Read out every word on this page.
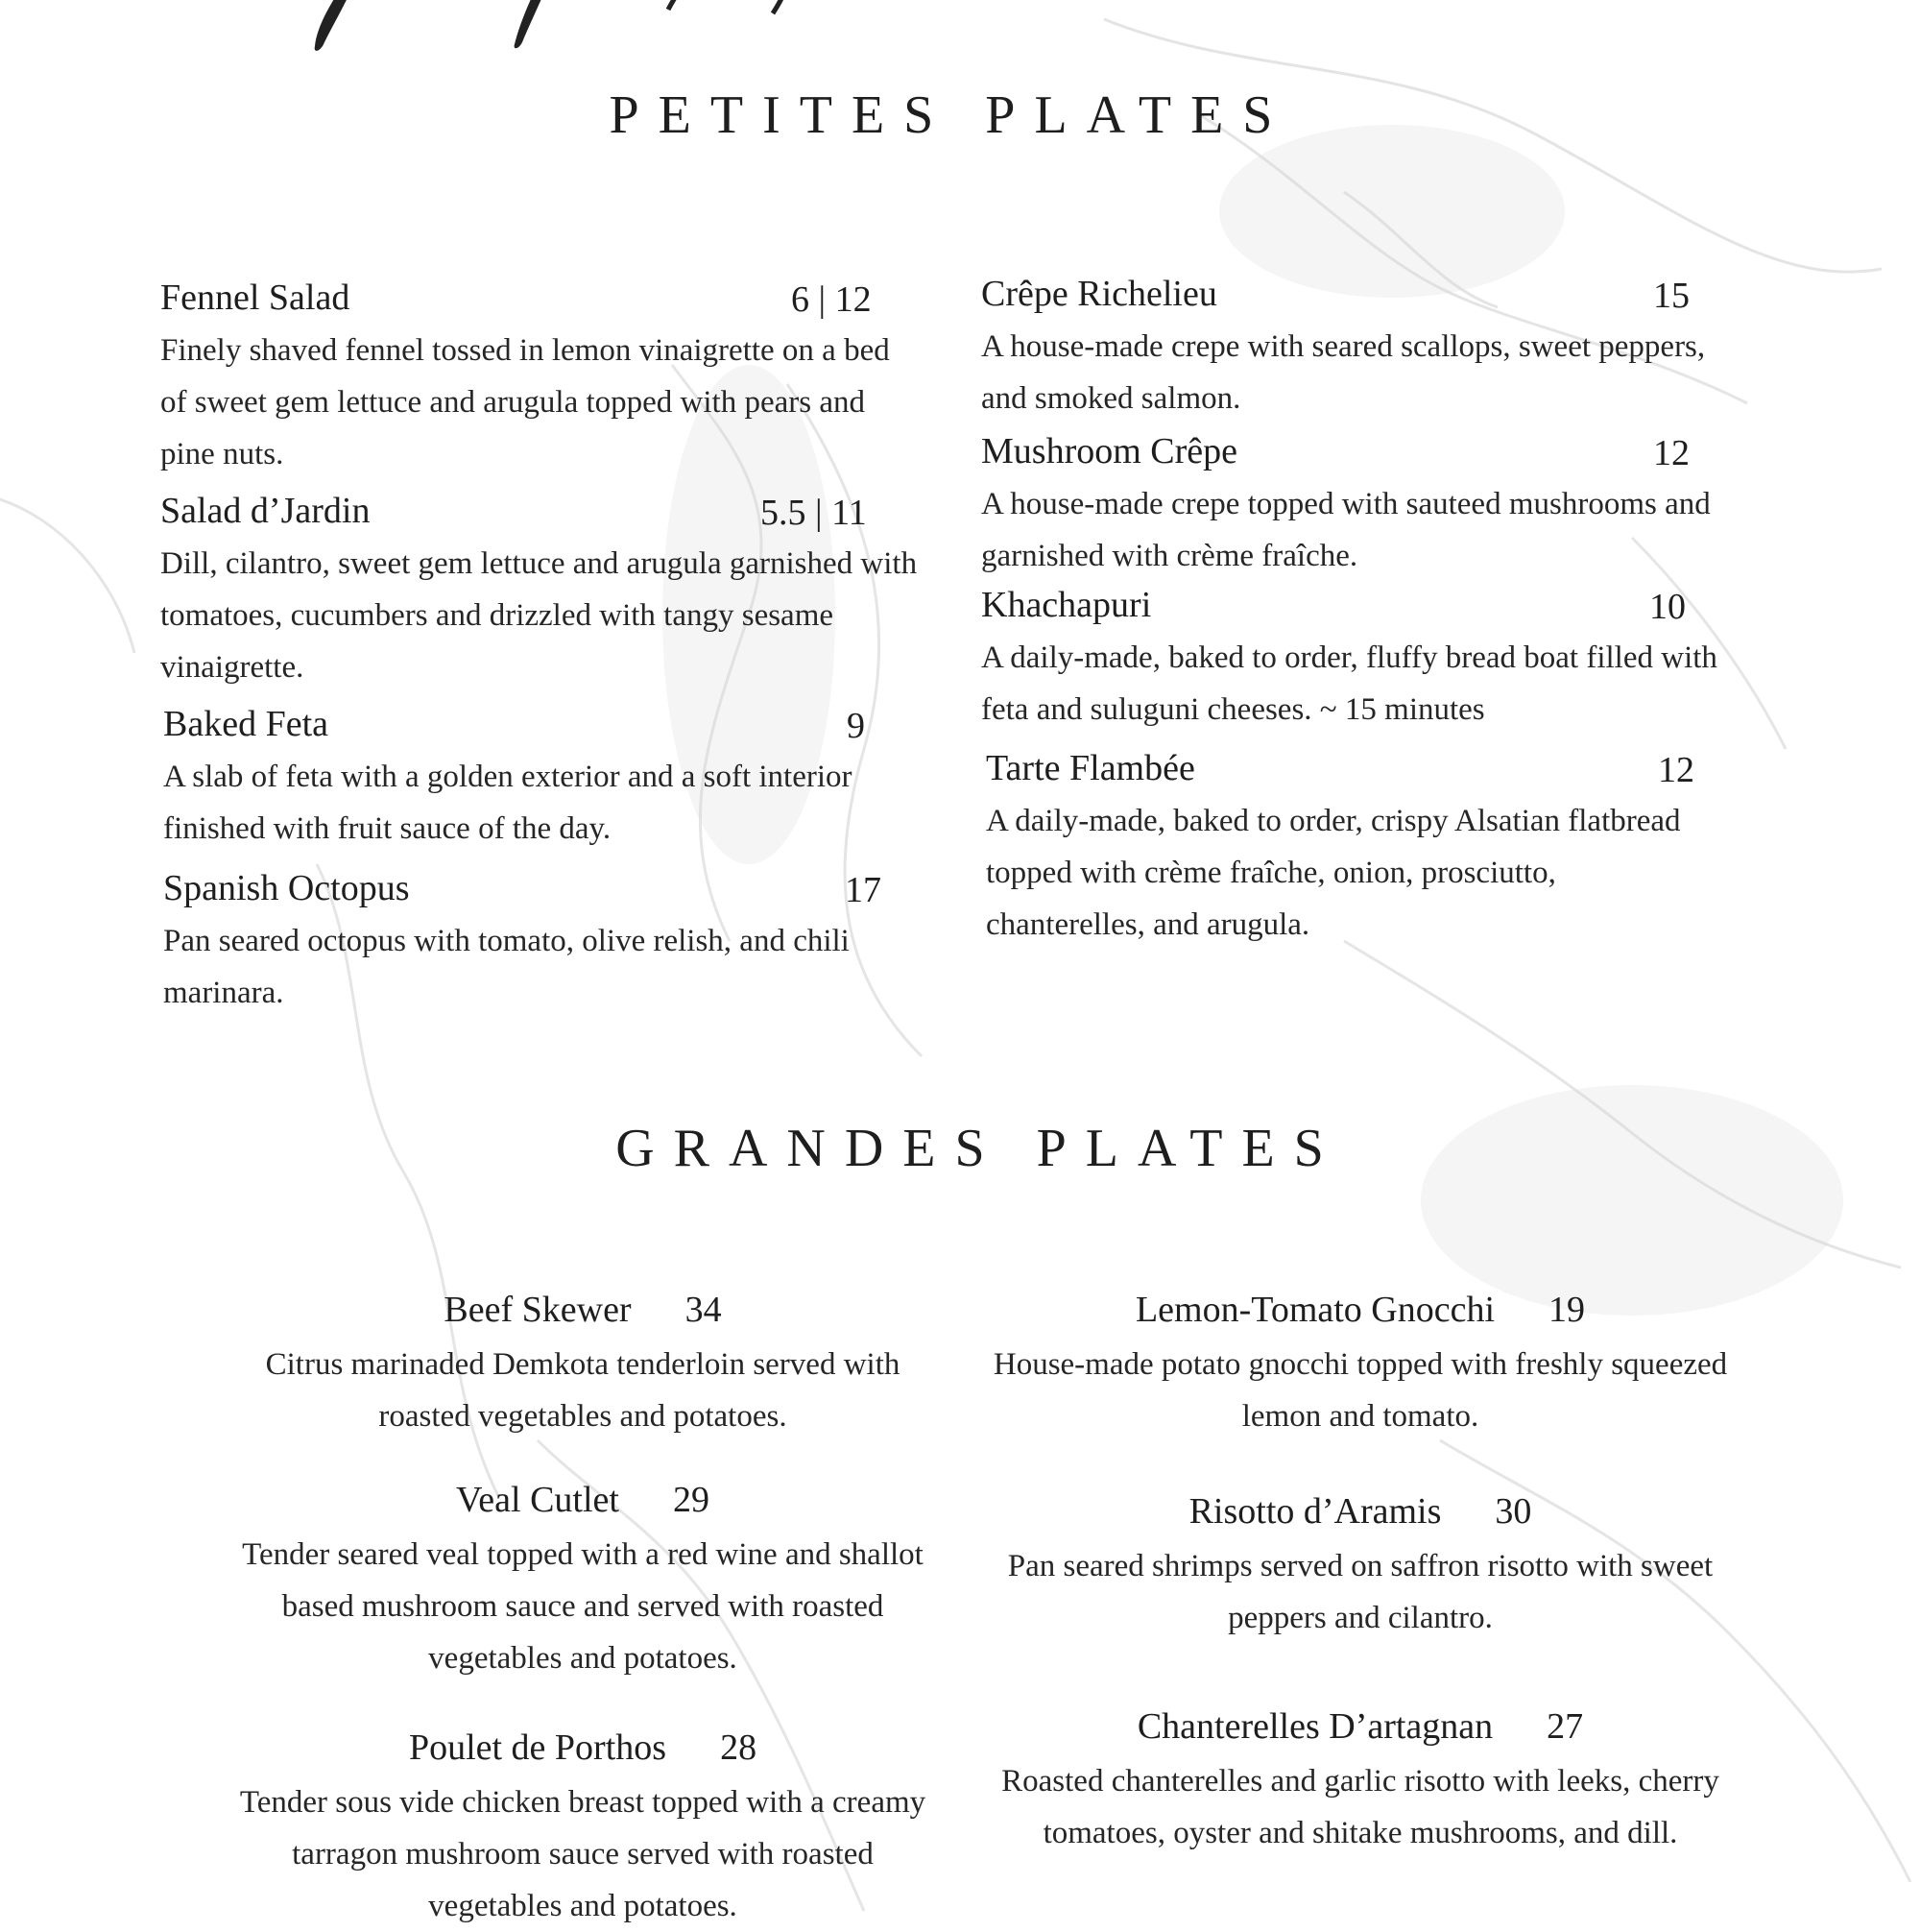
PETITES PLATES
Fennel Salad	6 | 12
Finely shaved fennel tossed in lemon vinaigrette on a bed of sweet gem lettuce and arugula topped with pears and pine nuts.
Salad d’Jardin	5.5 | 11
Dill, cilantro, sweet gem lettuce and arugula garnished with tomatoes, cucumbers and drizzled with tangy sesame vinaigrette.
Baked Feta	9
A slab of feta with a golden exterior and a soft interior finished with fruit sauce of the day.
Spanish Octopus	17
Pan seared octopus with tomato, olive relish, and chili marinara.
Crêpe Richelieu	15
A house-made crepe with seared scallops, sweet peppers, and smoked salmon.
Mushroom Crêpe	12
A house-made crepe topped with sauteed mushrooms and garnished with crème fraîche.
Khachapuri	10
A daily-made, baked to order, fluffy bread boat filled with feta and suluguni cheeses. ~ 15 minutes
Tarte Flambée	12
A daily-made, baked to order, crispy Alsatian flatbread topped with crème fraîche, onion, prosciutto, chanterelles, and arugula.
GRANDES PLATES
Beef Skewer 34
Citrus marinaded Demkota tenderloin served with roasted vegetables and potatoes.
Veal Cutlet 29
Tender seared veal topped with a red wine and shallot based mushroom sauce and served with roasted vegetables and potatoes.
Poulet de Porthos 28
Tender sous vide chicken breast topped with a creamy tarragon mushroom sauce served with roasted vegetables and potatoes.
Lemon-Tomato Gnocchi 19
House-made potato gnocchi topped with freshly squeezed lemon and tomato.
Risotto d’Aramis 30
Pan seared shrimps served on saffron risotto with sweet peppers and cilantro.
Chanterelles D’artagnan 27
Roasted chanterelles and garlic risotto with leeks, cherry tomatoes, oyster and shitake mushrooms, and dill.
